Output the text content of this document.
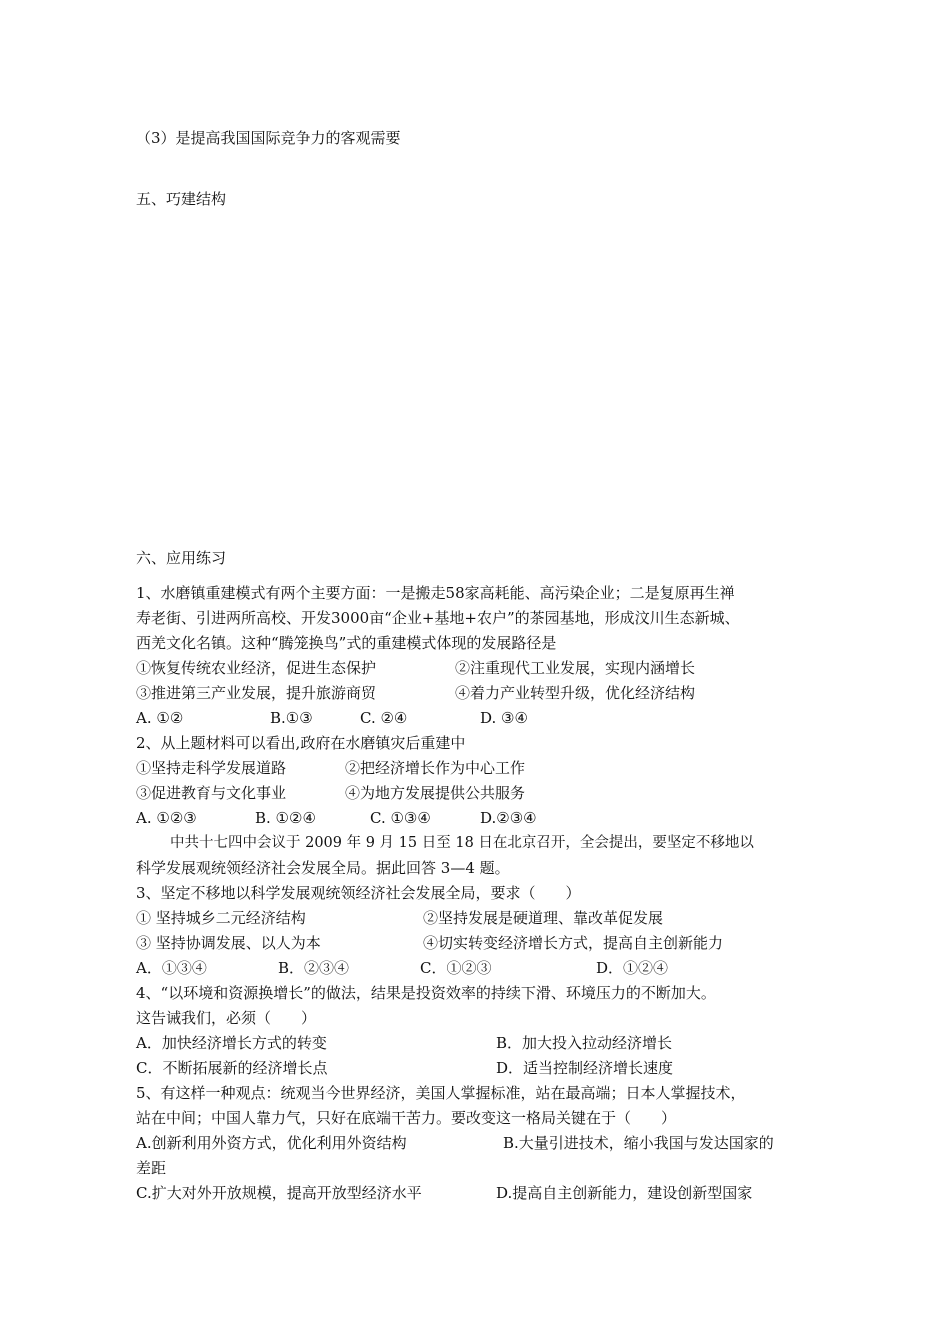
（3）是提高我国国际竞争力的客观需要
五、巧建结构
六、应用练习
1、水磨镇重建模式有两个主要方面：一是搬走58家高耗能、高污染企业；二是复原再生禅
寿老街、引进两所高校、开发3000亩“企业+基地+农户”的茶园基地，形成汶川生态新城、
西羌文化名镇。这种“腾笼换鸟”式的重建模式体现的发展路径是
①恢复传统农业经济，促进生态保护	②注重现代工业发展，实现内涵增长
③推进第三产业发展，提升旅游商贸	④着力产业转型升级，优化经济结构
A. ①②	B.①③	C. ②④	D. ③④
2、从上题材料可以看出,政府在水磨镇灾后重建中
①坚持走科学发展道路	②把经济增长作为中心工作
③促进教育与文化事业	④为地方发展提供公共服务
A. ①②③	B. ①②④	C. ①③④	D.②③④
中共十七四中会议于 2009 年 9 月 15 日至 18 日在北京召开，全会提出，要坚定不移地以
科学发展观统领经济社会发展全局。据此回答 3—4 题。
3、坚定不移地以科学发展观统领经济社会发展全局，要求（　　）
① 坚持城乡二元经济结构	②坚持发展是硬道理、靠改革促发展
③ 坚持协调发展、以人为本	④切实转变经济增长方式，提高自主创新能力
A．①③④	B．②③④	C．①②③	D．①②④
4、“以环境和资源换增长”的做法，结果是投资效率的持续下滑、环境压力的不断加大。
这告诫我们，必须（　　）
A．加快经济增长方式的转变	B．加大投入拉动经济增长
C．不断拓展新的经济增长点	D．适当控制经济增长速度
5、有这样一种观点：统观当今世界经济，美国人掌握标准，站在最高端；日本人掌握技术，
站在中间；中国人靠力气，只好在底端干苦力。要改变这一格局关键在于（　　）
A.创新利用外资方式，优化利用外资结构	B.大量引进技术，缩小我国与发达国家的
差距
C.扩大对外开放规模，提高开放型经济水平	D.提高自主创新能力，建设创新型国家
